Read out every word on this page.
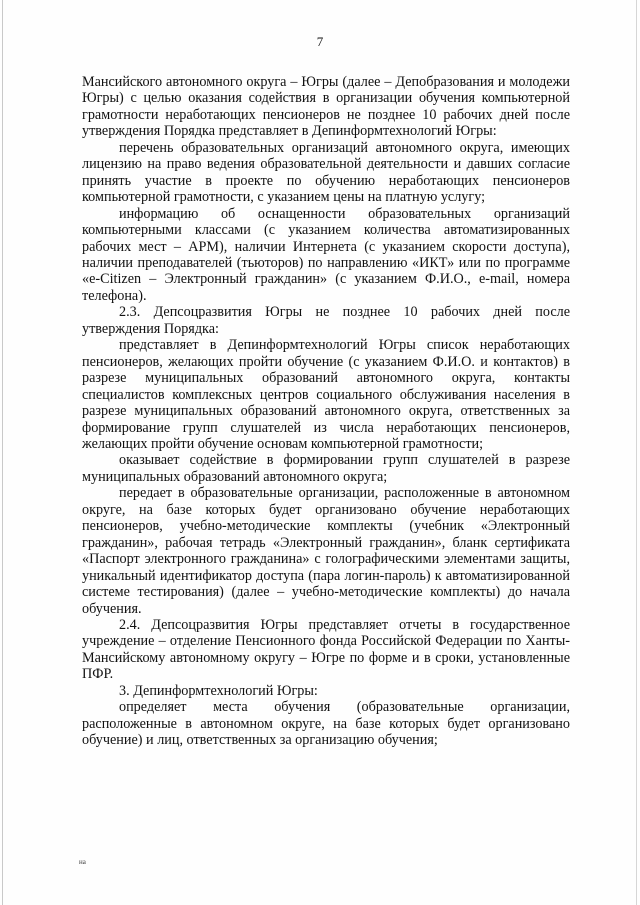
7

Мансийского автономного округа – Югры (далее – Депобразования и молодежи Югры) с целью оказания содействия в организации обучения компьютерной грамотности неработающих пенсионеров не позднее 10 рабочих дней после утверждения Порядка представляет в Депинформтехнологий Югры:

перечень образовательных организаций автономного округа, имеющих лицензию на право ведения образовательной деятельности и давших согласие принять участие в проекте по обучению неработающих пенсионеров компьютерной грамотности, с указанием цены на платную услугу;

информацию об оснащенности образовательных организаций компьютерными классами (с указанием количества автоматизированных рабочих мест – АРМ), наличии Интернета (с указанием скорости доступа), наличии преподавателей (тьюторов) по направлению «ИКТ» или по программе «e-Citizen – Электронный гражданин» (с указанием Ф.И.О., e-mail, номера телефона).

2.3. Депсоцразвития Югры не позднее 10 рабочих дней после утверждения Порядка:

представляет в Депинформтехнологий Югры список неработающих пенсионеров, желающих пройти обучение (с указанием Ф.И.О. и контактов) в разрезе муниципальных образований автономного округа, контакты специалистов комплексных центров социального обслуживания населения в разрезе муниципальных образований автономного округа, ответственных за формирование групп слушателей из числа неработающих пенсионеров, желающих пройти обучение основам компьютерной грамотности;

оказывает содействие в формировании групп слушателей в разрезе муниципальных образований автономного округа;

передает в образовательные организации, расположенные в автономном округе, на базе которых будет организовано обучение неработающих пенсионеров, учебно-методические комплекты (учебник «Электронный гражданин», рабочая тетрадь «Электронный гражданин», бланк сертификата «Паспорт электронного гражданина» с голографическими элементами защиты, уникальный идентификатор доступа (пара логин-пароль) к автоматизированной системе тестирования) (далее – учебно-методические комплекты) до начала обучения.

2.4. Депсоцразвития Югры представляет отчеты в государственное учреждение – отделение Пенсионного фонда Российской Федерации по Ханты-Мансийскому автономному округу – Югре по форме и в сроки, установленные ПФР.

3. Депинформтехнологий Югры:

определяет места обучения (образовательные организации, расположенные в автономном округе, на базе которых будет организовано обучение) и лиц, ответственных за организацию обучения;

на
